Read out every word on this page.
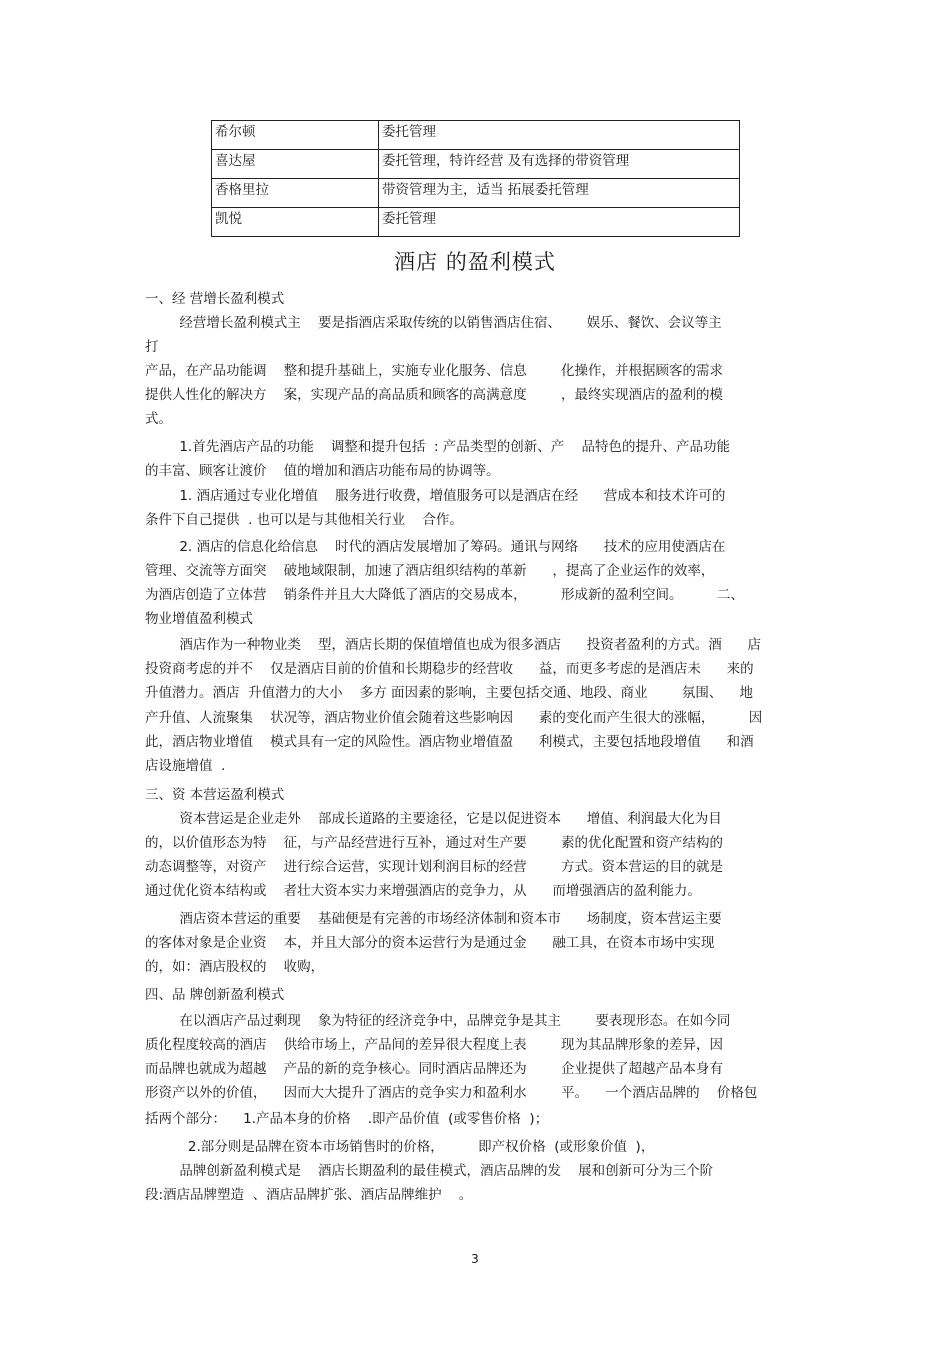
希尔顿	委托管理
喜达屋	委托管理，特许经营 及有选择的带资管理
香格里拉	带资管理为主，适当 拓展委托管理
凯悦	委托管理
酒店 的盈利模式

一、经 营增长盈利模式

经营增长盈利模式主    要是指酒店采取传统的以销售酒店住宿、      娱乐、餐饮、会议等主

打

产品，在产品功能调    整和提升基础上，实施专业化服务、信息        化操作，并根据顾客的需求

提供人性化的解决方    案，实现产品的高品质和顾客的高满意度        ，最终实现酒店的盈利的模

式。

1.首先酒店产品的功能    调整和提升包括  : 产品类型的创新、产    品特色的提升、产品功能

的丰富、顾客让渡价    值的增加和酒店功能布局的协调等。

1. 酒店通过专业化增值    服务进行收费，增值服务可以是酒店在经      营成本和技术许可的

条件下自己提供  . 也可以是与其他相关行业    合作。

2. 酒店的信息化给信息    时代的酒店发展增加了筹码。通讯与网络      技术的应用使酒店在

管理、交流等方面突    破地域限制，加速了酒店组织结构的革新      ，提高了企业运作的效率，

为酒店创造了立体营    销条件并且大大降低了酒店的交易成本，        形成新的盈利空间。        二、

物业增值盈利模式

酒店作为一种物业类    型，酒店长期的保值增值也成为很多酒店      投资者盈利的方式。酒      店

投资商考虑的并不    仅是酒店目前的价值和长期稳步的经营收      益，而更多考虑的是酒店未      来的

升值潜力。酒店  升值潜力的大小    多方 面因素的影响，主要包括交通、地段、商业        氛围、    地

产升值、人流聚集    状况等，酒店物业价值会随着这些影响因      素的变化而产生很大的涨幅，        因

此，酒店物业增值    模式具有一定的风险性。酒店物业增值盈      利模式，主要包括地段增值      和酒

店设施增值  .

三、资 本营运盈利模式

资本营运是企业走外    部成长道路的主要途径，它是以促进资本      增值、利润最大化为目

的，以价值形态为特    征，与产品经营进行互补，通过对生产要        素的优化配置和资产结构的

动态调整等，对资产    进行综合运营，实现计划利润目标的经营        方式。资本营运的目的就是

通过优化资本结构或    者壮大资本实力来增强酒店的竞争力，从      而增强酒店的盈利能力。

酒店资本营运的重要    基础便是有完善的市场经济体制和资本市      场制度，资本营运主要

的客体对象是企业资    本，并且大部分的资本运营行为是通过金      融工具，在资本市场中实现

的，如：酒店股权的    收购，

四、品 牌创新盈利模式

在以酒店产品过剩现    象为特征的经济竞争中，品牌竞争是其主        要表现形态。在如今同

质化程度较高的酒店    供给市场上，产品间的差异很大程度上表        现为其品牌形象的差异，因

而品牌也就成为超越    产品的新的竞争核心。同时酒店品牌还为        企业提供了超越产品本身有

形资产以外的价值，    因而大大提升了酒店的竞争实力和盈利水        平。    一个酒店品牌的    价格包

括两个部分：    1.产品本身的价格    .即产品价值  (或零售价格  )；

2.部分则是品牌在资本市场销售时的价格，        即产权价格  (或形象价值  )，

品牌创新盈利模式是    酒店长期盈利的最佳模式，酒店品牌的发    展和创新可分为三个阶

段:酒店品牌塑造  、酒店品牌扩张、酒店品牌维护    。

3
